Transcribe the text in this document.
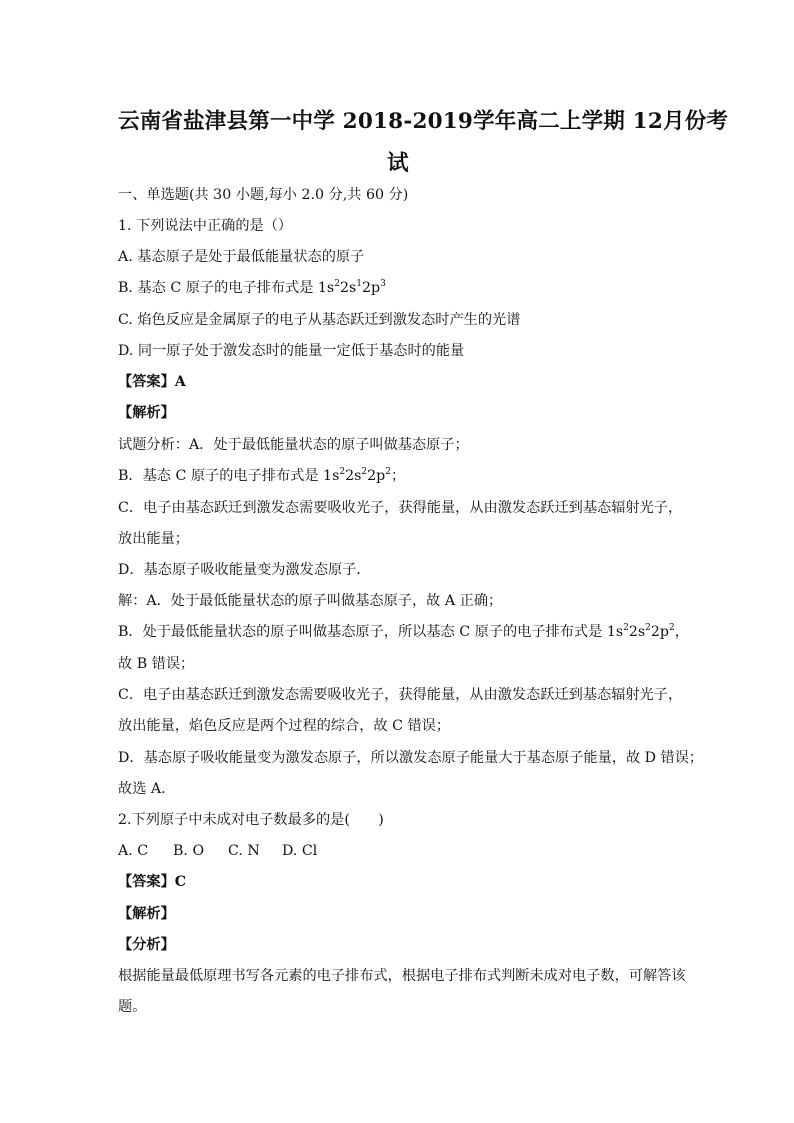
云南省盐津县第一中学 2018-2019学年高二上学期 12月份考
试
一、单选题(共 30 小题,每小 2.0 分,共 60 分)
1. 下列说法中正确的是（）
A. 基态原子是处于最低能量状态的原子
B. 基态 C 原子的电子排布式是 $1s^22s^12p^3$
C. 焰色反应是金属原子的电子从基态跃迁到激发态时产生的光谱
D. 同一原子处于激发态时的能量一定低于基态时的能量
【答案】A
【解析】
试题分析：A．处于最低能量状态的原子叫做基态原子；
B．基态 C 原子的电子排布式是 $1s^22s^22p^2$；
C．电子由基态跃迁到激发态需要吸收光子，获得能量，从由激发态跃迁到基态辐射光子，
放出能量；
D．基态原子吸收能量变为激发态原子．
解：A．处于最低能量状态的原子叫做基态原子，故 A 正确；
B．处于最低能量状态的原子叫做基态原子，所以基态 C 原子的电子排布式是 $1s^22s^22p^2$，
故 B 错误；
C．电子由基态跃迁到激发态需要吸收光子，获得能量，从由激发态跃迁到基态辐射光子，
放出能量，焰色反应是两个过程的综合，故 C 错误；
D．基态原子吸收能量变为激发态原子，所以激发态原子能量大于基态原子能量，故 D 错误；
故选 A．
2.下列原子中未成对电子数最多的是(　　)
A. C B. O C. N D. Cl
【答案】C
【解析】
【分析】
根据能量最低原理书写各元素的电子排布式，根据电子排布式判断未成对电子数，可解答该
题。
